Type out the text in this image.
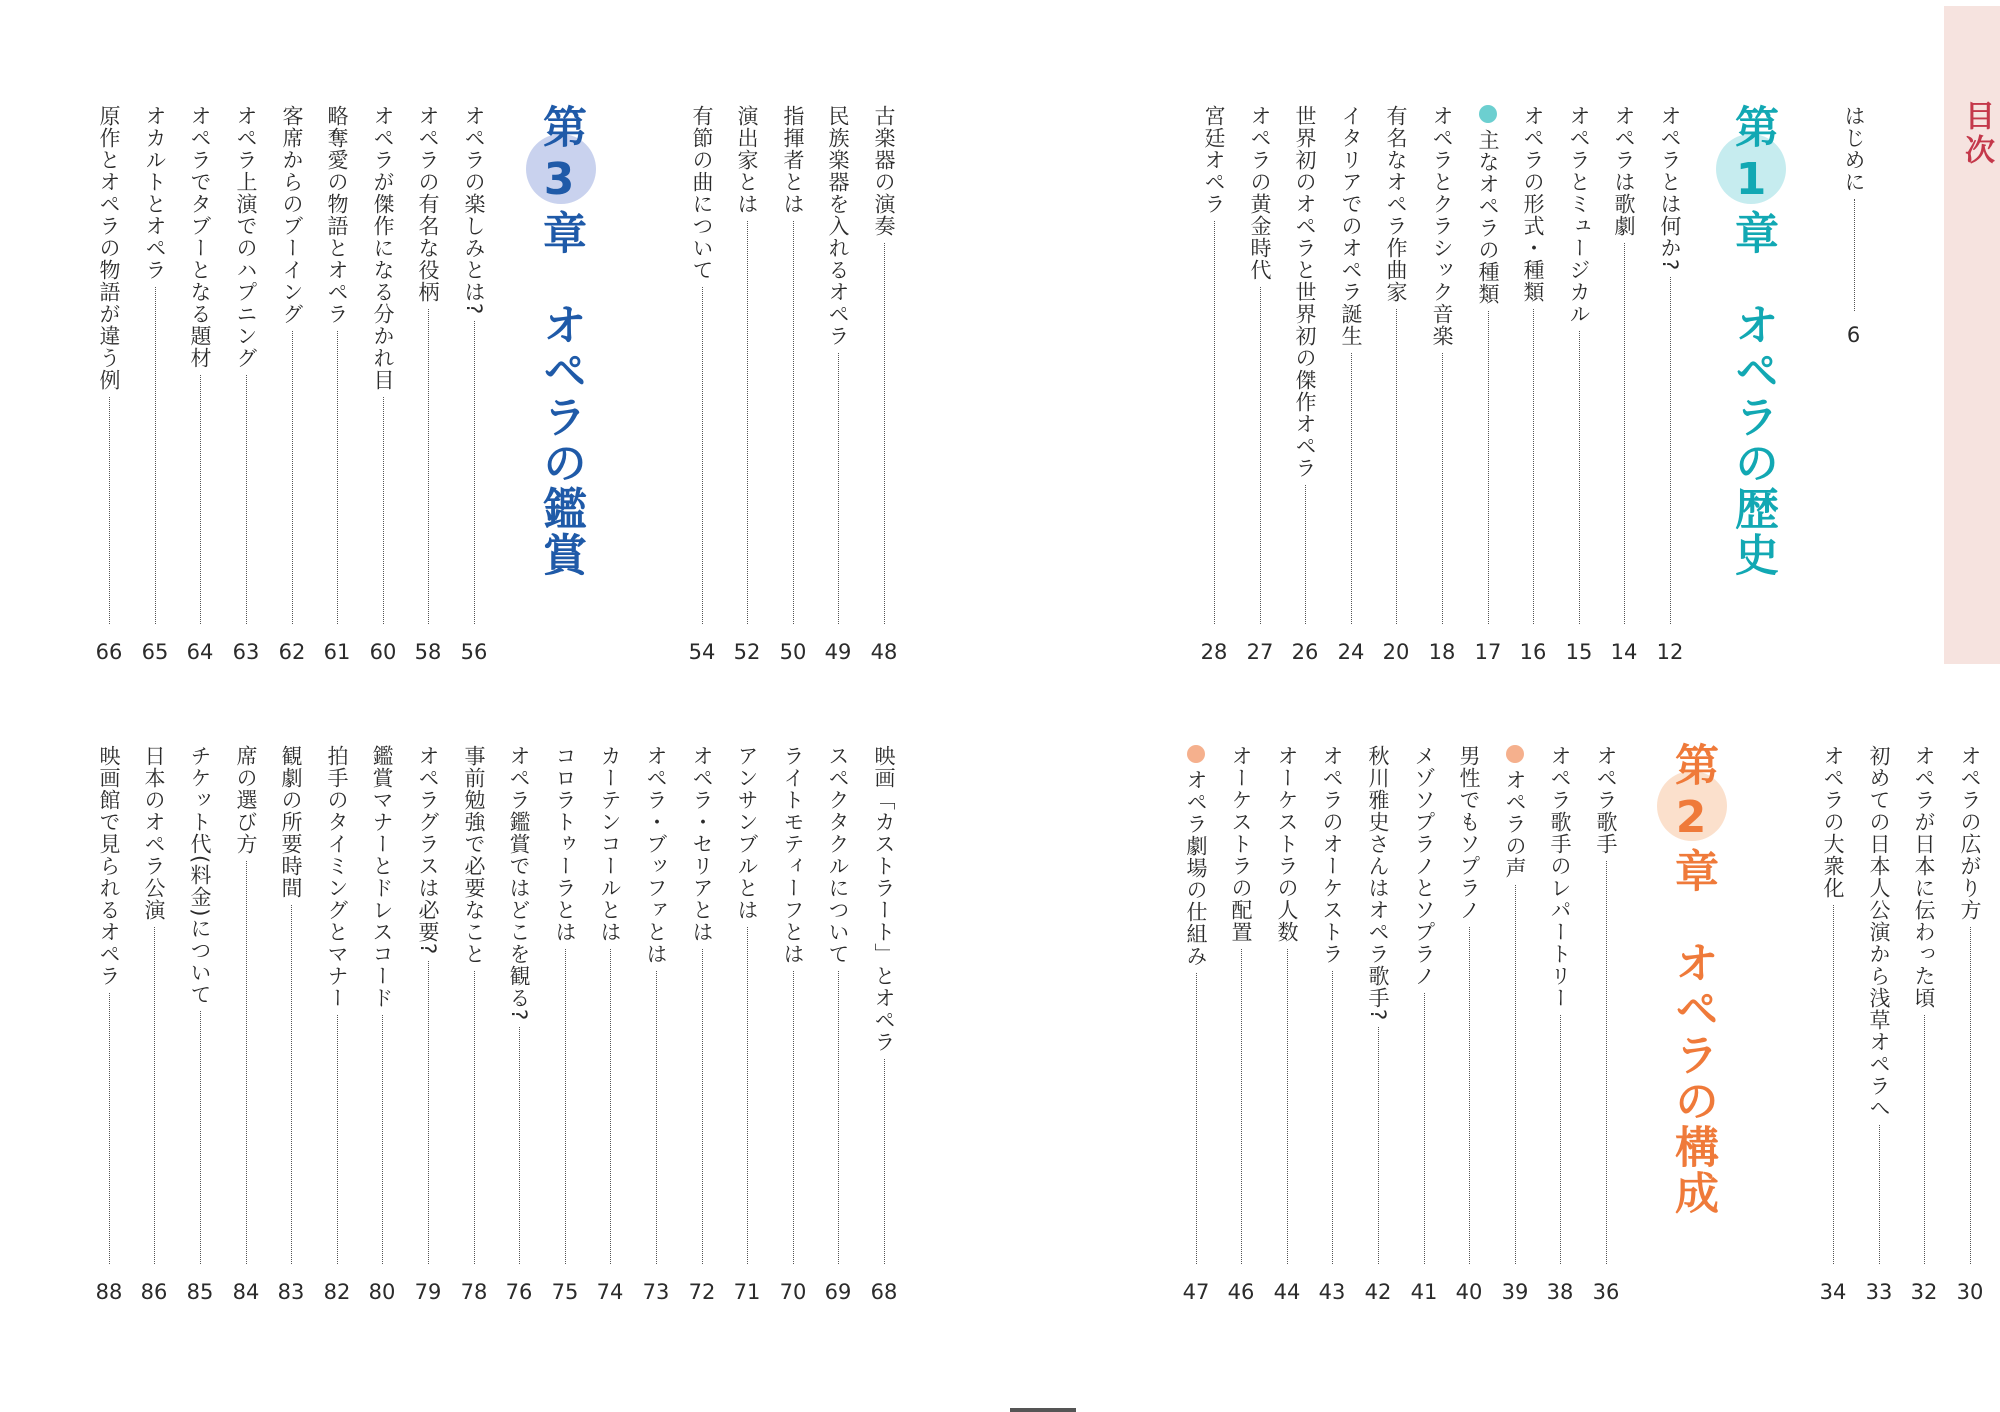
目次
はじめに
6
第1章　オペラの歴史
第2章　オペラの構成
第3章　オペラの鑑賞
オペラとは何か?
12
オペラは歌劇
14
オペラとミュージカル
15
オペラの形式・種類
16
主なオペラの種類
17
オペラとクラシック音楽
18
有名なオペラ作曲家
20
イタリアでのオペラ誕生
24
世界初のオペラと世界初の傑作オペラ
26
オペラの黄金時代
27
宮廷オペラ
28
古楽器の演奏
48
民族楽器を入れるオペラ
49
指揮者とは
50
演出家とは
52
有節の曲について
54
オペラの楽しみとは?
56
オペラの有名な役柄
58
オペラが傑作になる分かれ目
60
略奪愛の物語とオペラ
61
客席からのブーイング
62
オペラ上演でのハプニング
63
オペラでタブーとなる題材
64
オカルトとオペラ
65
原作とオペラの物語が違う例
66
オペラの広がり方
30
オペラが日本に伝わった頃
32
初めての日本人公演から浅草オペラへ
33
オペラの大衆化
34
オペラ歌手
36
オペラ歌手のレパートリー
38
オペラの声
39
男性でもソプラノ
40
メゾソプラノとソプラノ
41
秋川雅史さんはオペラ歌手?
42
オペラのオーケストラ
43
オーケストラの人数
44
オーケストラの配置
46
オペラ劇場の仕組み
47
映画「カストラート」とオペラ
68
スペクタクルについて
69
ライトモティーフとは
70
アンサンブルとは
71
オペラ・セリアとは
72
オペラ・ブッファとは
73
カーテンコールとは
74
コロラトゥーラとは
75
オペラ鑑賞ではどこを観る?
76
事前勉強で必要なこと
78
オペラグラスは必要?
79
鑑賞マナーとドレスコード
80
拍手のタイミングとマナー
82
観劇の所要時間
83
席の選び方
84
チケット代(料金)について
85
日本のオペラ公演
86
映画館で見られるオペラ
88
